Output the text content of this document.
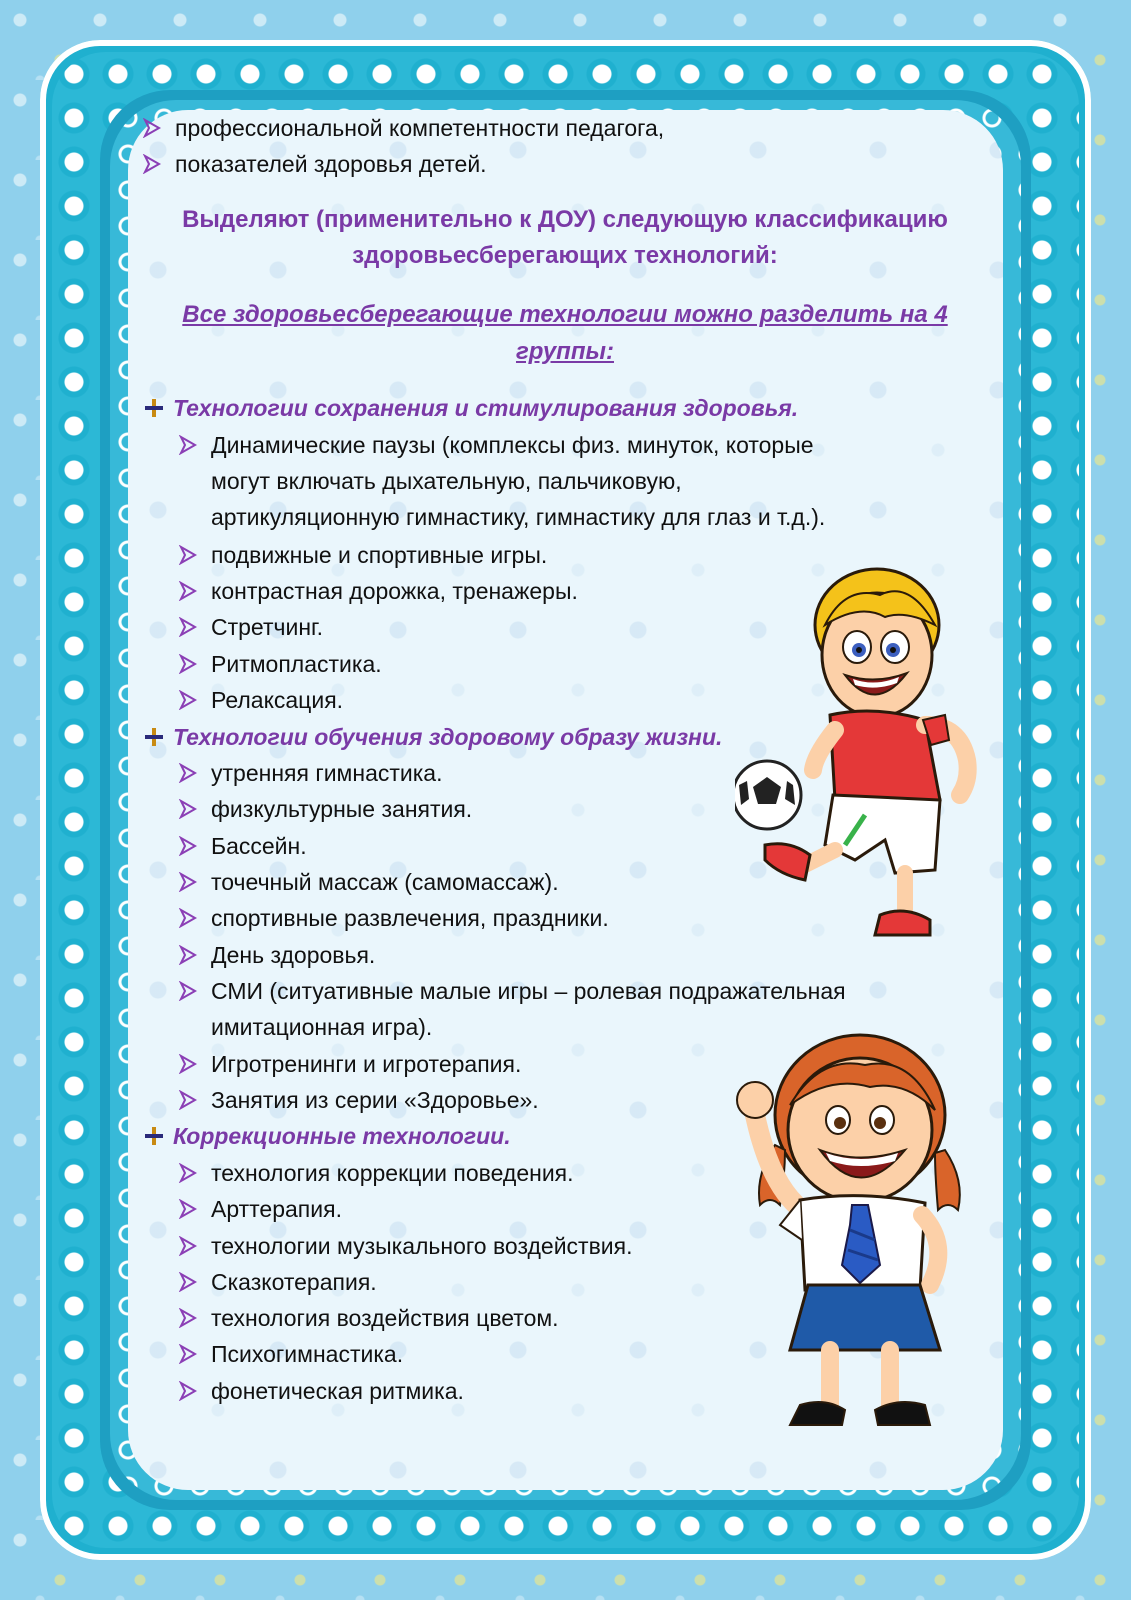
профессиональной компетентности педагога,
показателей здоровья детей.
Выделяют (применительно к ДОУ) следующую классификацию
здоровьесберегающих технологий:
Все здоровьесберегающие технологии можно разделить на 4
группы:
Технологии сохранения и стимулирования здоровья.
Динамические паузы (комплексы физ. минуток, которые
могут включать дыхательную, пальчиковую,
артикуляционную гимнастику, гимнастику для глаз и т.д.).
подвижные и спортивные игры.
контрастная дорожка, тренажеры.
Стретчинг.
Ритмопластика.
Релаксация.
Технологии обучения здоровому образу жизни.
утренняя гимнастика.
физкультурные занятия.
Бассейн.
точечный массаж (самомассаж).
спортивные развлечения, праздники.
День здоровья.
СМИ (ситуативные малые игры – ролевая подражательная
имитационная игра).
Игротренинги и игротерапия.
Занятия из серии «Здоровье».
Коррекционные технологии.
технология коррекции поведения.
Арттерапия.
технологии музыкального воздействия.
Сказкотерапия.
технология воздействия цветом.
Психогимнастика.
фонетическая ритмика.
